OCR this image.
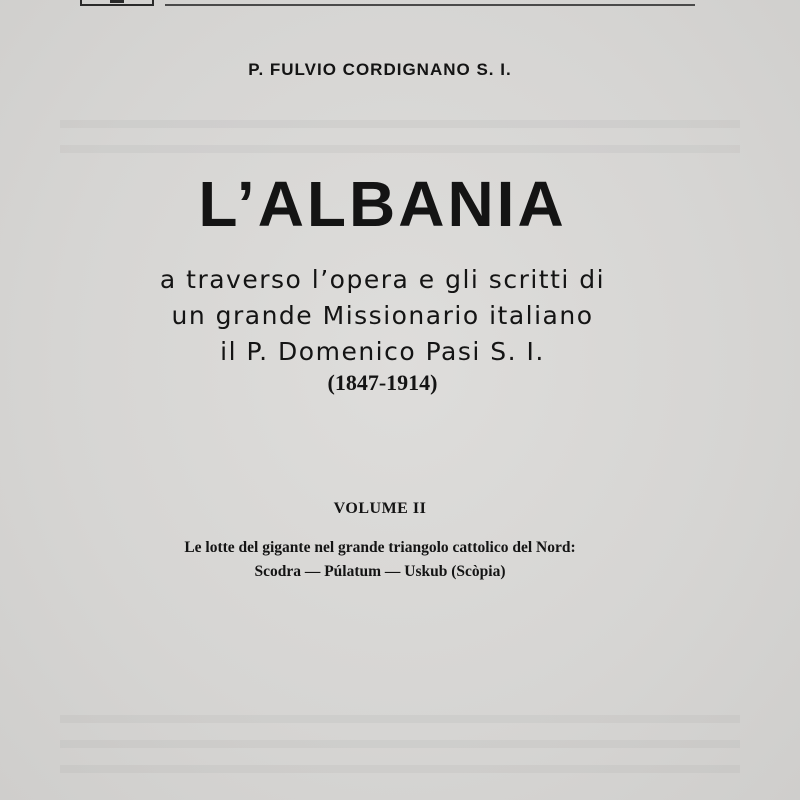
P. FULVIO CORDIGNANO S. I.
L’ALBANIA
a traverso l’opera e gli scritti di
un grande Missionario italiano
il P. Domenico Pasi S. I.
(1847-1914)
VOLUME II
Le lotte del gigante nel grande triangolo cattolico del Nord:
Scodra — Púlatum — Uskub (Scòpia)
